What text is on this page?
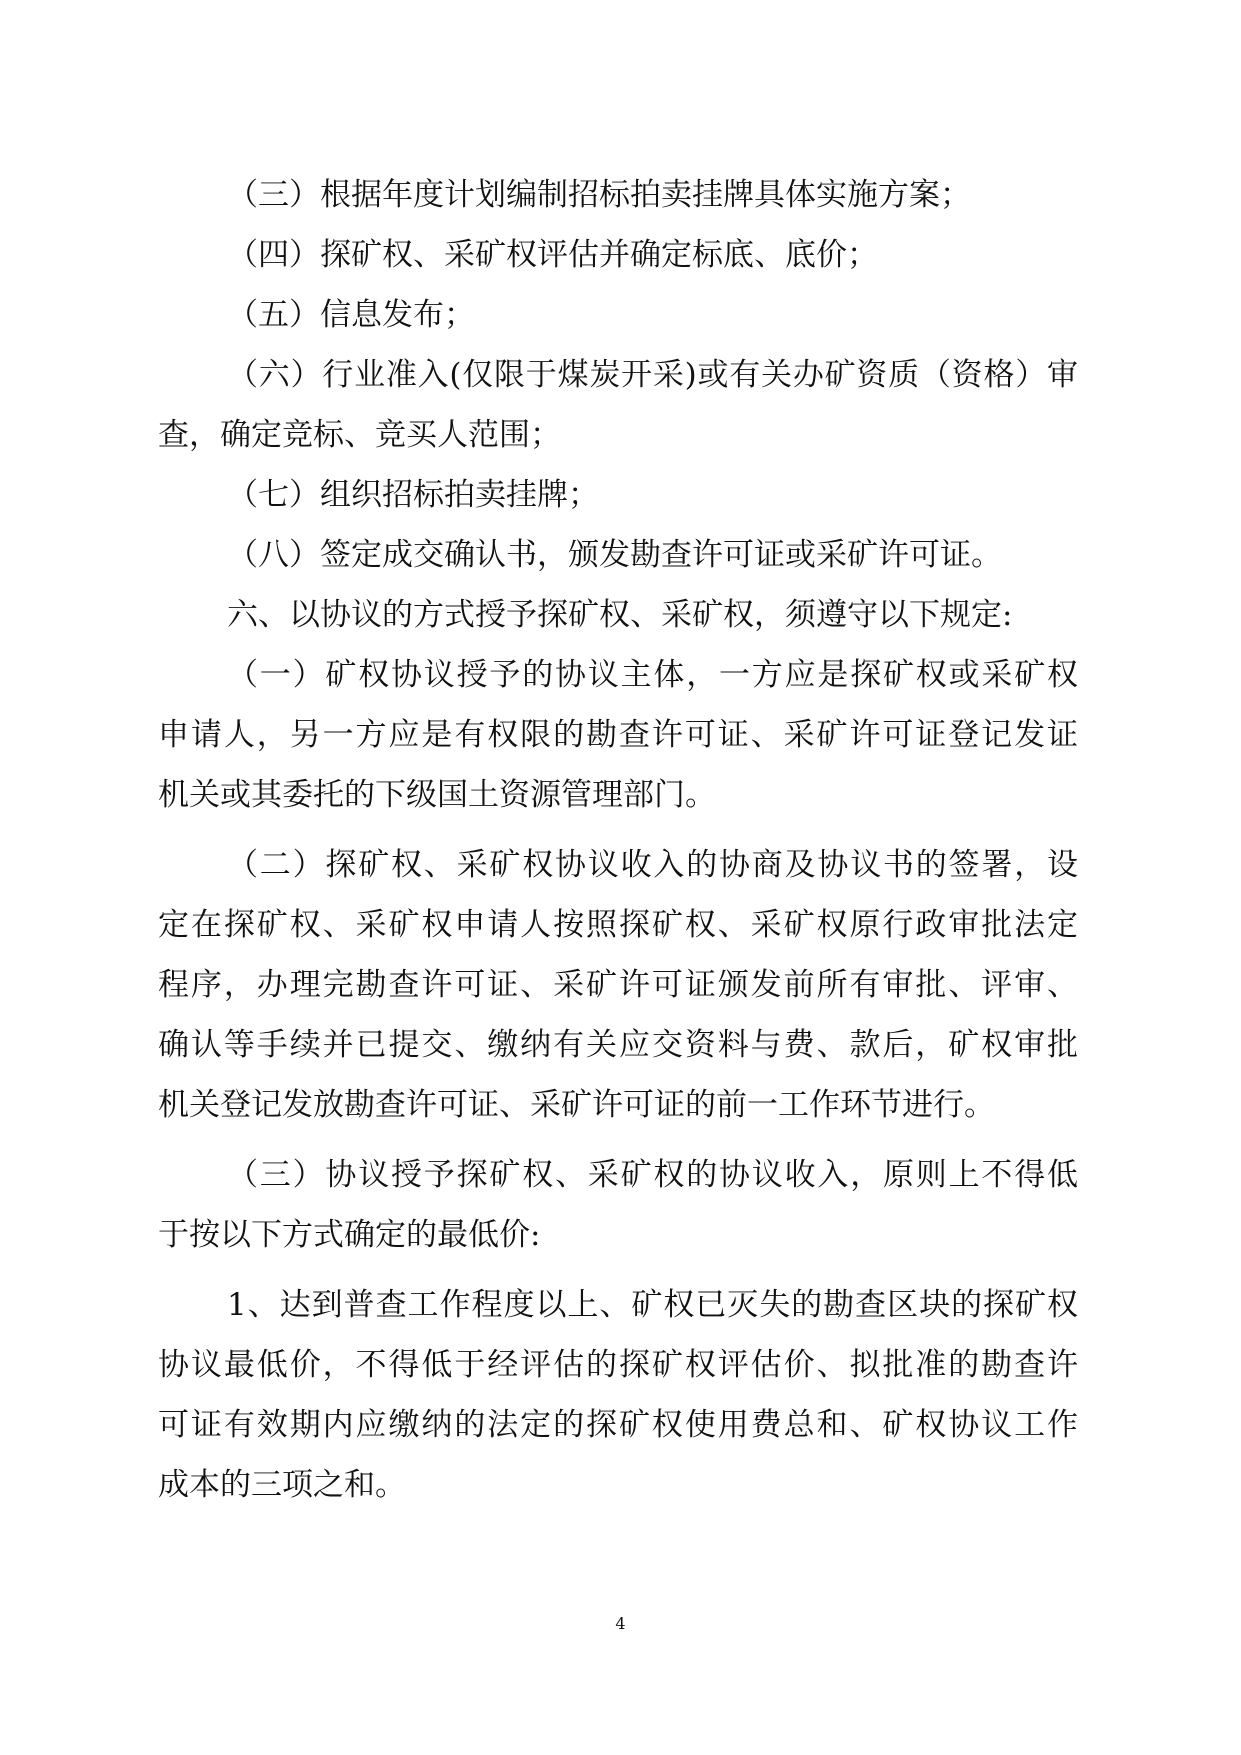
（三）根据年度计划编制招标拍卖挂牌具体实施方案；

（四）探矿权、采矿权评估并确定标底、底价；

（五）信息发布；

（六）行业准入(仅限于煤炭开采)或有关办矿资质（资格）审

查，确定竞标、竞买人范围；

（七）组织招标拍卖挂牌；

（八）签定成交确认书，颁发勘查许可证或采矿许可证。

六、以协议的方式授予探矿权、采矿权，须遵守以下规定:

（一）矿权协议授予的协议主体，一方应是探矿权或采矿权

申请人，另一方应是有权限的勘查许可证、采矿许可证登记发证

机关或其委托的下级国土资源管理部门。

（二）探矿权、采矿权协议收入的协商及协议书的签署，设

定在探矿权、采矿权申请人按照探矿权、采矿权原行政审批法定

程序，办理完勘查许可证、采矿许可证颁发前所有审批、评审、

确认等手续并已提交、缴纳有关应交资料与费、款后，矿权审批

机关登记发放勘查许可证、采矿许可证的前一工作环节进行。

（三）协议授予探矿权、采矿权的协议收入，原则上不得低

于按以下方式确定的最低价:

1、达到普查工作程度以上、矿权已灭失的勘查区块的探矿权

协议最低价，不得低于经评估的探矿权评估价、拟批准的勘查许

可证有效期内应缴纳的法定的探矿权使用费总和、矿权协议工作

成本的三项之和。

4
